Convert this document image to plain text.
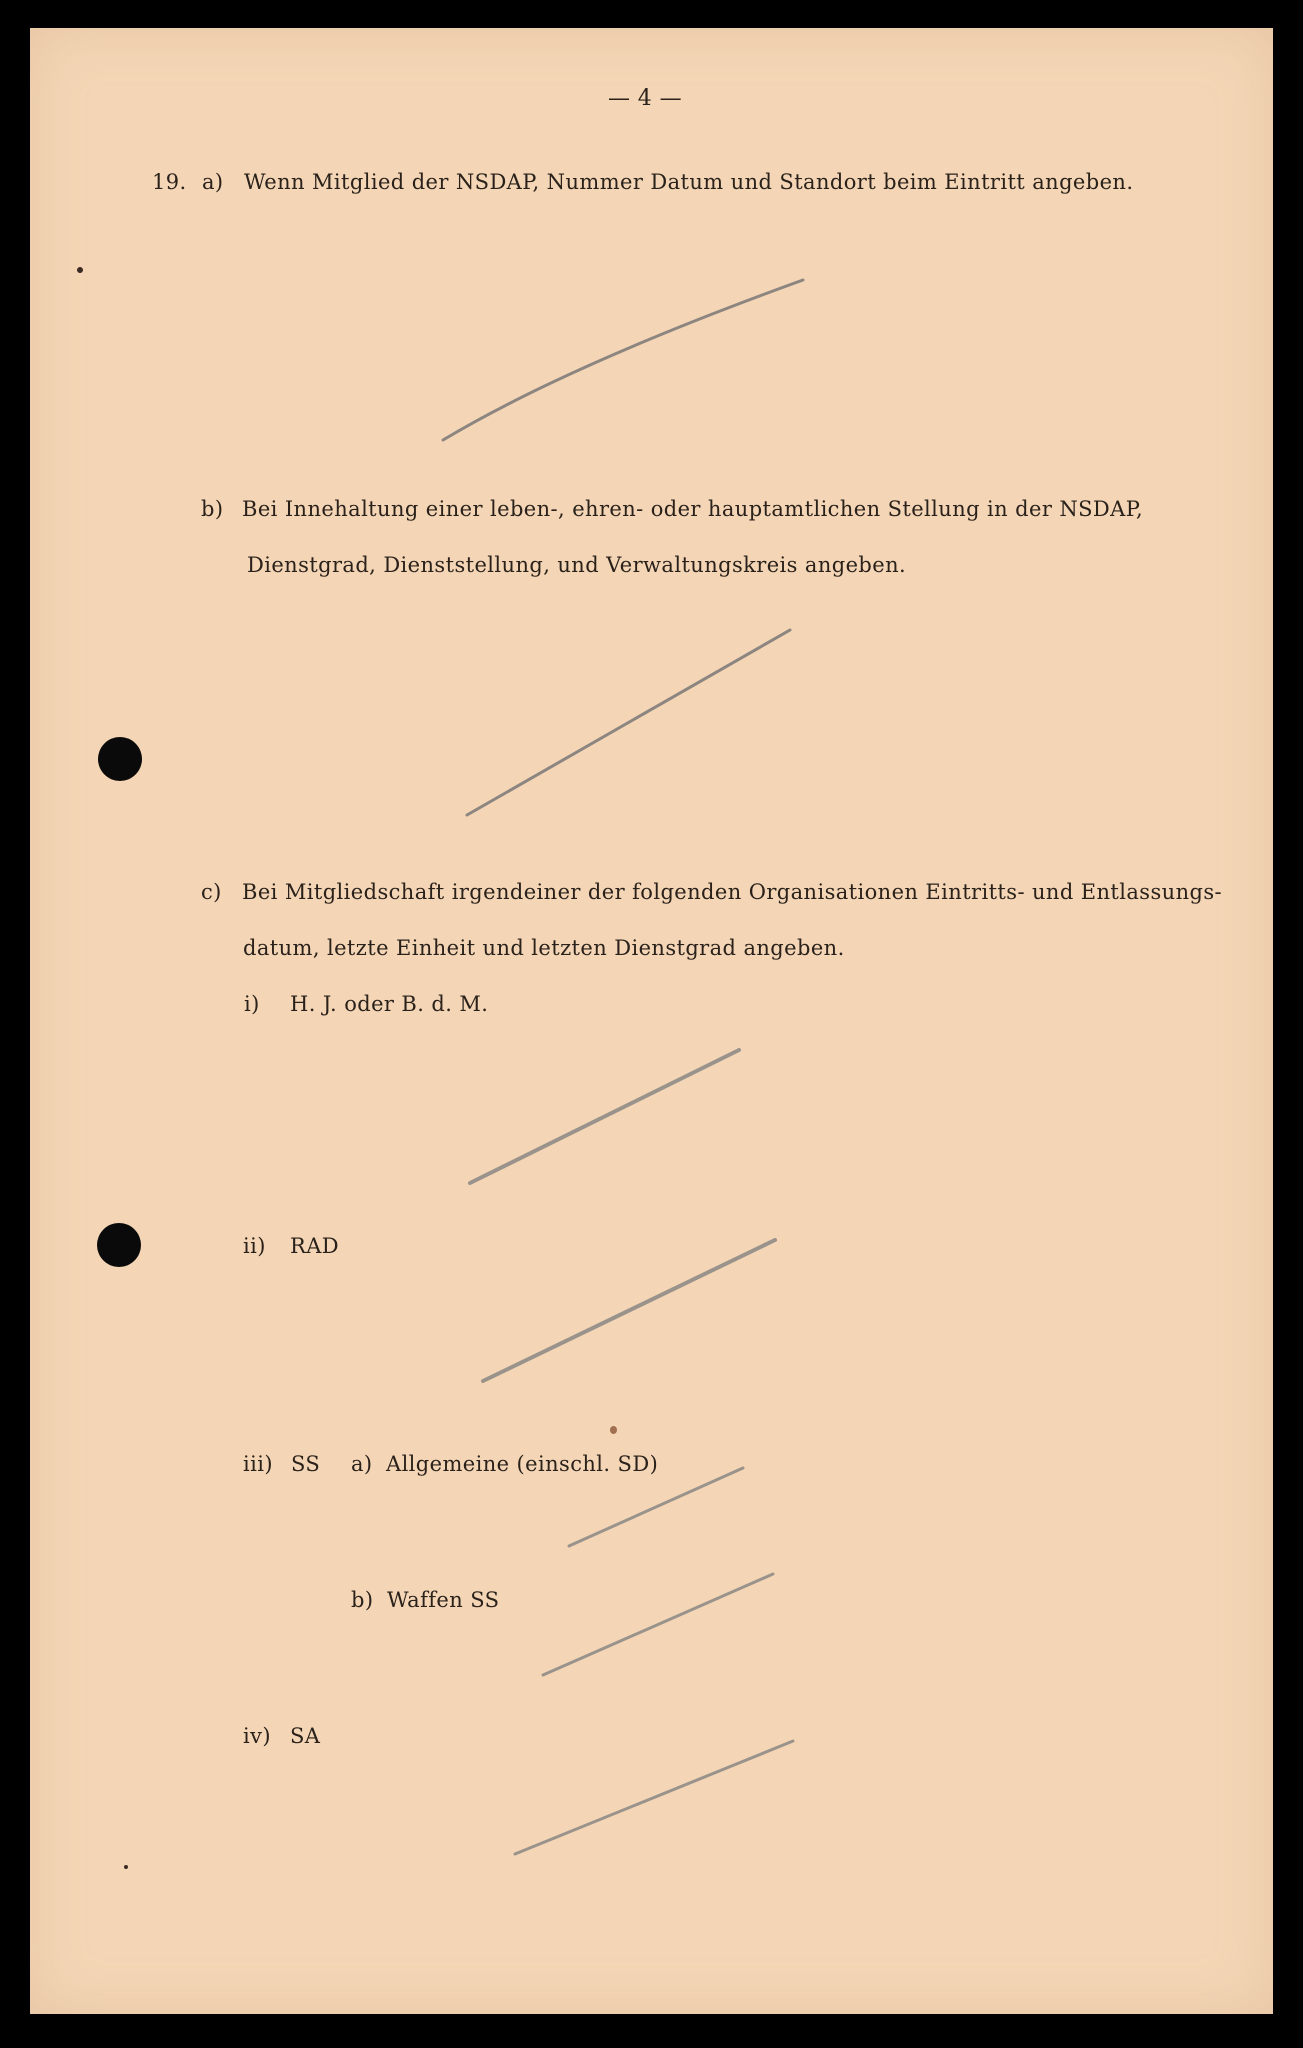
— 4 —
19. a) Wenn Mitglied der NSDAP, Nummer Datum und Standort beim Eintritt angeben.
b) Bei Innehaltung einer leben-, ehren- oder hauptamtlichen Stellung in der NSDAP,
Dienstgrad, Dienststellung, und Verwaltungskreis angeben.
c) Bei Mitgliedschaft irgendeiner der folgenden Organisationen Eintritts- und Entlassungs-
datum, letzte Einheit und letzten Dienstgrad angeben.
i) H. J. oder B. d. M.
ii) RAD
iii) SS a) Allgemeine (einschl. SD)
b) Waffen SS
iv) SA
